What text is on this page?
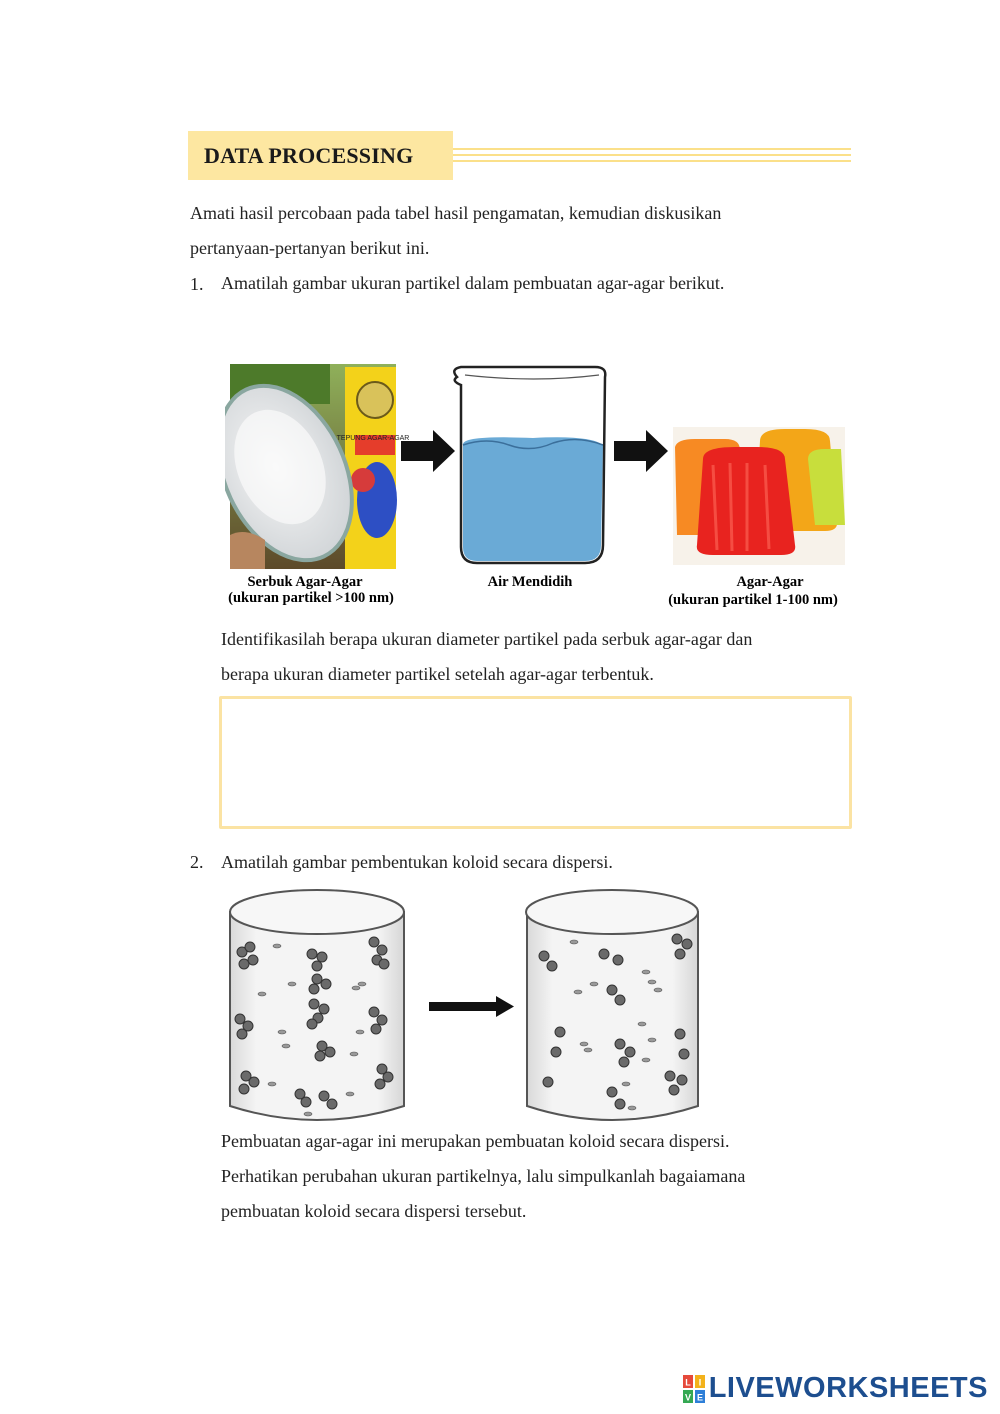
DATA PROCESSING
Amati hasil percobaan pada tabel hasil pengamatan, kemudian diskusikan
pertanyaan-pertanyan berikut ini.
1. Amatilah gambar ukuran partikel dalam pembuatan agar-agar berikut.
Serbuk Agar-Agar
(ukuran partikel >100 nm)
Air Mendidih	Agar-Agar
(ukuran partikel 1-100 nm)
TEPUNG AGAR-AGAR
Identifikasilah berapa ukuran diameter partikel pada serbuk agar-agar dan
berapa ukuran diameter partikel setelah agar-agar terbentuk.
2. Amatilah gambar pembentukan koloid secara dispersi.
Pembuatan agar-agar ini merupakan pembuatan koloid secara dispersi.
Perhatikan perubahan ukuran partikelnya, lalu simpulkanlah bagaiamana
pembuatan koloid secara dispersi tersebut.
L I
V E LIVEWORKSHEETS
